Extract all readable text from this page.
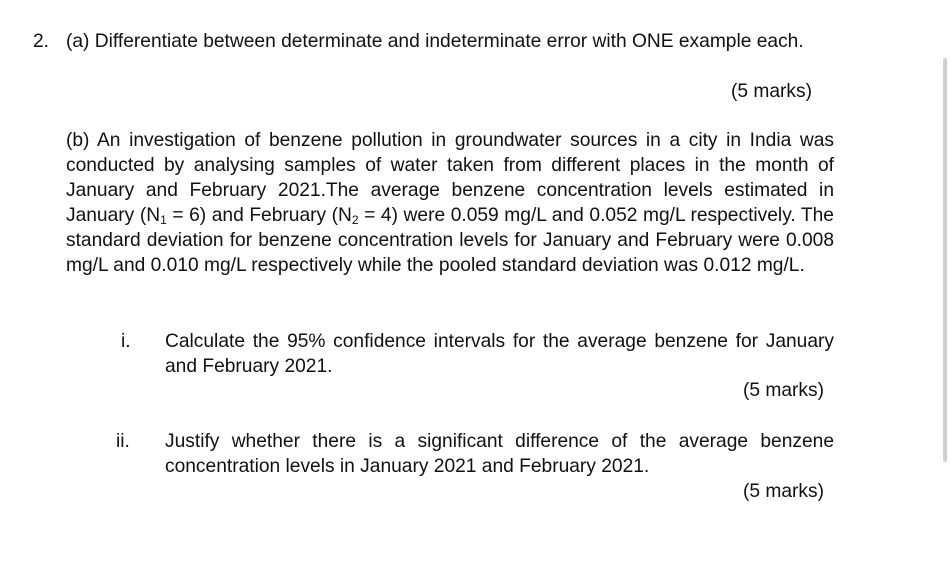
2. (a) Differentiate between determinate and indeterminate error with ONE example each.
(5 marks)
(b) An investigation of benzene pollution in groundwater sources in a city in India was conducted by analysing samples of water taken from different places in the month of January and February 2021.The average benzene concentration levels estimated in January $(N_1 = 6)$ and February $(N_2 = 4)$ were 0.059 mg/L and 0.052 mg/L respectively. The standard deviation for benzene concentration levels for January and February were 0.008 mg/L and 0.010 mg/L respectively while the pooled standard deviation was 0.012 mg/L.
i. Calculate the 95% confidence intervals for the average benzene for January and February 2021.
(5 marks)
ii. Justify whether there is a significant difference of the average benzene concentration levels in January 2021 and February 2021.
(5 marks)
